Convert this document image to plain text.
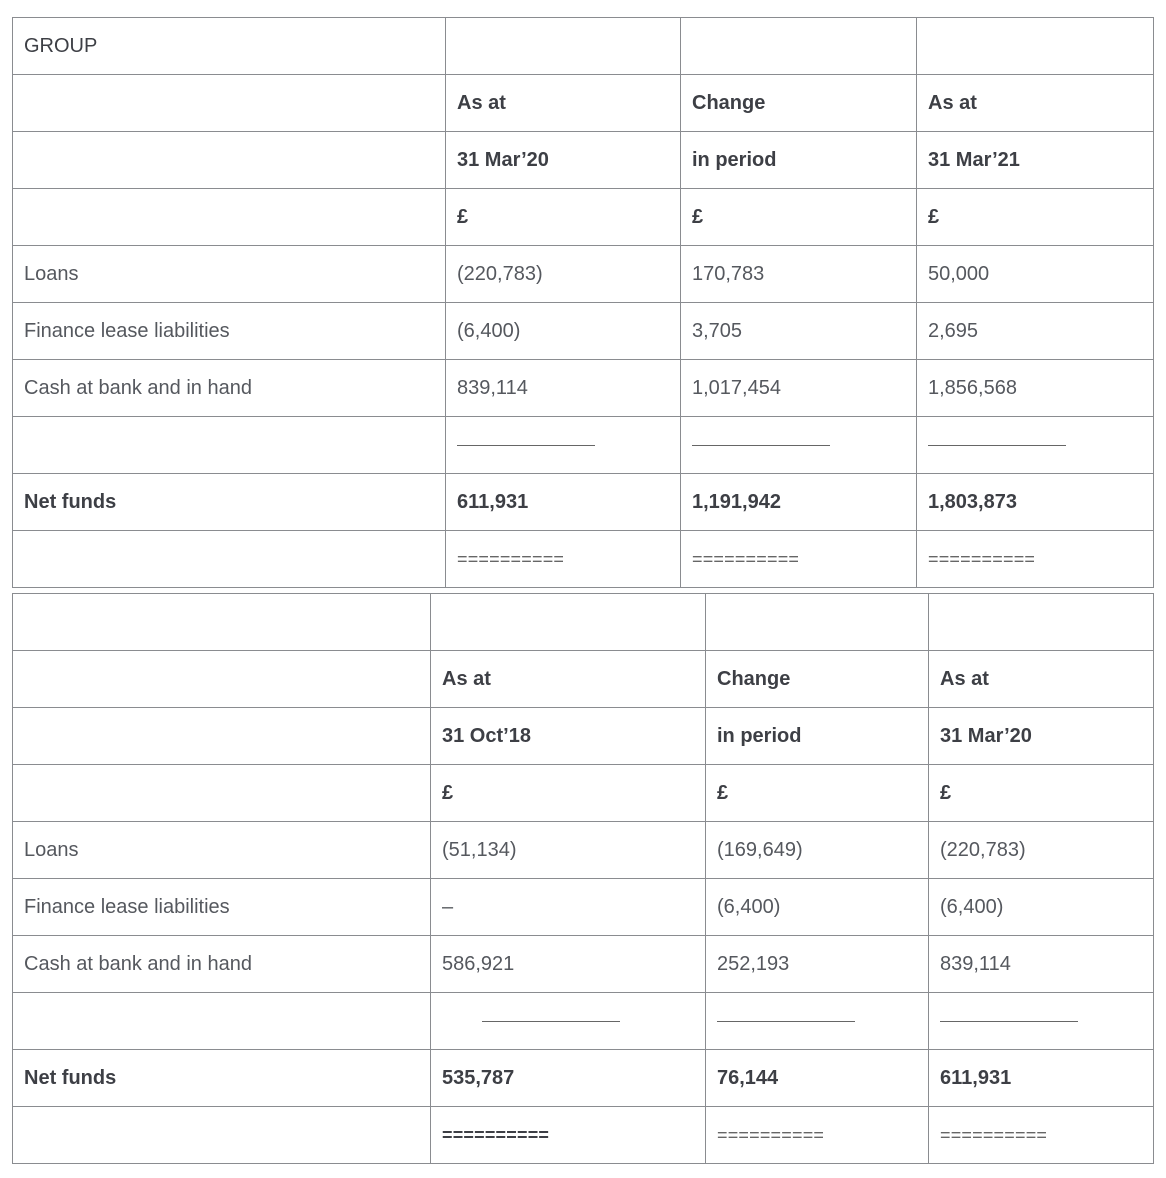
GROUP			
	As at	Change	As at
	31 Mar’20	in period	31 Mar’21
	£	£	£
Loans	(220,783)	170,783	50,000
Finance lease liabilities	(6,400)	3,705	2,695
Cash at bank and in hand	839,114	1,017,454	1,856,568

Net funds	611,931	1,191,942	1,803,873
	==========	==========	==========

	As at	Change	As at
	31 Oct’18	in period	31 Mar’20
	£	£	£
Loans	(51,134)	(169,649)	(220,783)
Finance lease liabilities	–	(6,400)	(6,400)
Cash at bank and in hand	586,921	252,193	839,114

Net funds	535,787	76,144	611,931
	==========	==========	==========
